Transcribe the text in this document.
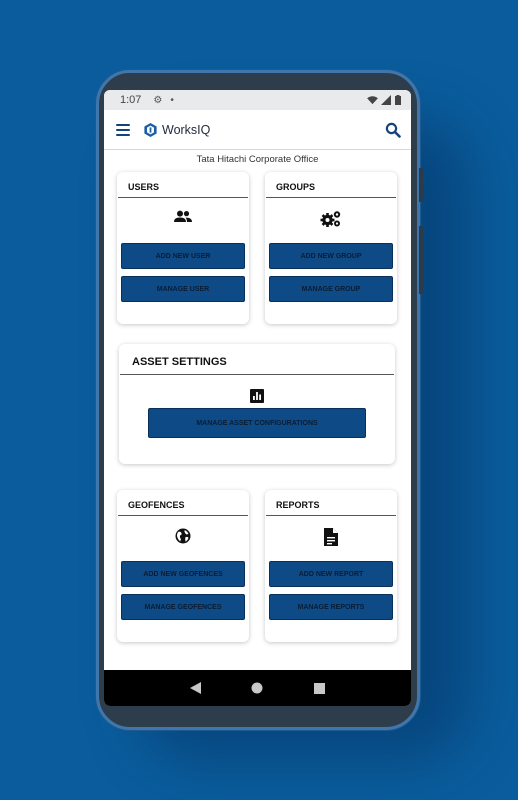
1:07 ⚙ •
WorksIQ
Tata Hitachi Corporate Office
USERS
ADD NEW USER
MANAGE USER
GROUPS
ADD NEW GROUP
MANAGE GROUP
ASSET SETTINGS
MANAGE ASSET CONFIGURATIONS
GEOFENCES
ADD NEW GEOFENCES
MANAGE GEOFENCES
REPORTS
ADD NEW REPORT
MANAGE REPORTS
